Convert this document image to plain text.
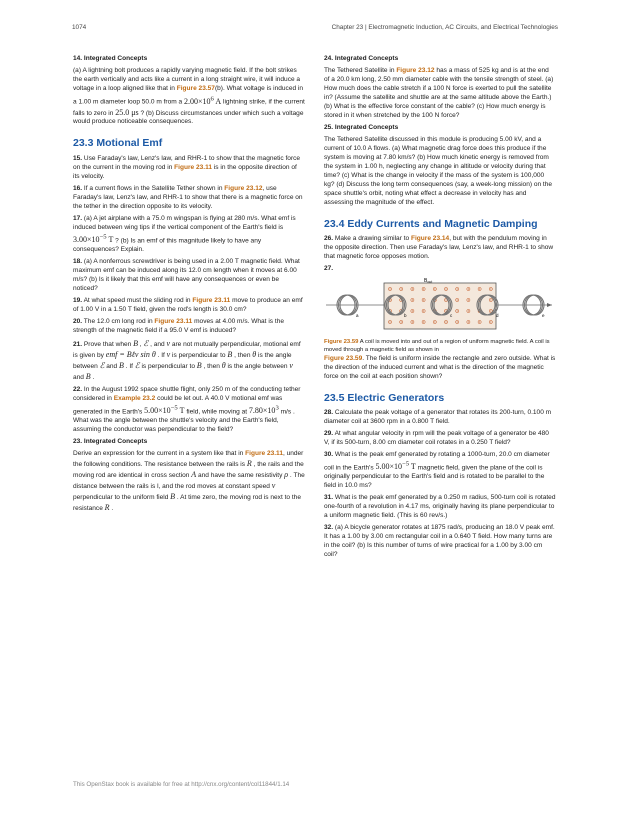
1074	Chapter 23 | Electromagnetic Induction, AC Circuits, and Electrical Technologies

14. Integrated Concepts

(a) A lightning bolt produces a rapidly varying magnetic field. If the bolt strikes the earth vertically and acts like a current in a long straight wire, it will induce a voltage in a loop aligned like that in Figure 23.57(b). What voltage is induced in a 1.00 m diameter loop 50.0 m from a $2.00\times 10^6$ A lightning strike, if the current falls to zero in 25.0 μs ? (b) Discuss circumstances under which such a voltage would produce noticeable consequences.

23.3 Motional Emf

15. Use Faraday's law, Lenz's law, and RHR-1 to show that the magnetic force on the current in the moving rod in Figure 23.11 is in the opposite direction of its velocity.

16. If a current flows in the Satellite Tether shown in Figure 23.12, use Faraday's law, Lenz's law, and RHR-1 to show that there is a magnetic force on the tether in the direction opposite to its velocity.

17. (a) A jet airplane with a 75.0 m wingspan is flying at 280 m/s. What emf is induced between wing tips if the vertical component of the Earth's field is $3.00\times 10^{-5}$ T ? (b) Is an emf of this magnitude likely to have any consequences? Explain.

18. (a) A nonferrous screwdriver is being used in a 2.00 T magnetic field. What maximum emf can be induced along its 12.0 cm length when it moves at 6.00 m/s? (b) Is it likely that this emf will have any consequences or even be noticed?

19. At what speed must the sliding rod in Figure 23.11 move to produce an emf of 1.00 V in a 1.50 T field, given the rod's length is 30.0 cm?

20. The 12.0 cm long rod in Figure 23.11 moves at 4.00 m/s. What is the strength of the magnetic field if a 95.0 V emf is induced?

21. Prove that when B , ℰ , and v are not mutually perpendicular, motional emf is given by emf = Bℓv sin θ . If v is perpendicular to B , then θ is the angle between ℰ and B . If ℰ is perpendicular to B , then θ is the angle between v and B .

22. In the August 1992 space shuttle flight, only 250 m of the conducting tether considered in Example 23.2 could be let out. A 40.0 V motional emf was generated in the Earth's $5.00\times 10^{-5}$ T field, while moving at $7.80\times 10^3$ m/s . What was the angle between the shuttle's velocity and the Earth's field, assuming the conductor was perpendicular to the field?

23. Integrated Concepts

Derive an expression for the current in a system like that in Figure 23.11, under the following conditions. The resistance between the rails is R , the rails and the moving rod are identical in cross section A and have the same resistivity ρ . The distance between the rails is l, and the rod moves at constant speed v perpendicular to the uniform field B . At time zero, the moving rod is next to the resistance R .

24. Integrated Concepts

The Tethered Satellite in Figure 23.12 has a mass of 525 kg and is at the end of a 20.0 km long, 2.50 mm diameter cable with the tensile strength of steel. (a) How much does the cable stretch if a 100 N force is exerted to pull the satellite in? (Assume the satellite and shuttle are at the same altitude above the Earth.) (b) What is the effective force constant of the cable? (c) How much energy is stored in it when stretched by the 100 N force?

25. Integrated Concepts

The Tethered Satellite discussed in this module is producing 5.00 kV, and a current of 10.0 A flows. (a) What magnetic drag force does this produce if the system is moving at 7.80 km/s? (b) How much kinetic energy is removed from the system in 1.00 h, neglecting any change in altitude or velocity during that time? (c) What is the change in velocity if the mass of the system is 100,000 kg? (d) Discuss the long term consequences (say, a week-long mission) on the space shuttle's orbit, noting what effect a decrease in velocity has and assessing the magnitude of the effect.

23.4 Eddy Currents and Magnetic Damping

26. Make a drawing similar to Figure 23.14, but with the pendulum moving in the opposite direction. Then use Faraday's law, Lenz's law, and RHR-1 to show that magnetic force opposes motion.

27.

$B_{out}$
a	b	c	d	e

Figure 23.59 A coil is moved into and out of a region of uniform magnetic field. A coil is moved through a magnetic field as shown in

Figure 23.59. The field is uniform inside the rectangle and zero outside. What is the direction of the induced current and what is the direction of the magnetic force on the coil at each position shown?

23.5 Electric Generators

28. Calculate the peak voltage of a generator that rotates its 200-turn, 0.100 m diameter coil at 3600 rpm in a 0.800 T field.

29. At what angular velocity in rpm will the peak voltage of a generator be 480 V, if its 500-turn, 8.00 cm diameter coil rotates in a 0.250 T field?

30. What is the peak emf generated by rotating a 1000-turn, 20.0 cm diameter coil in the Earth's $5.00\times 10^{-5}$ T magnetic field, given the plane of the coil is originally perpendicular to the Earth's field and is rotated to be parallel to the field in 10.0 ms?

31. What is the peak emf generated by a 0.250 m radius, 500-turn coil is rotated one-fourth of a revolution in 4.17 ms, originally having its plane perpendicular to a uniform magnetic field. (This is 60 rev/s.)

32. (a) A bicycle generator rotates at 1875 rad/s, producing an 18.0 V peak emf. It has a 1.00 by 3.00 cm rectangular coil in a 0.640 T field. How many turns are in the coil? (b) Is this number of turns of wire practical for a 1.00 by 3.00 cm coil?

This OpenStax book is available for free at http://cnx.org/content/col11844/1.14
